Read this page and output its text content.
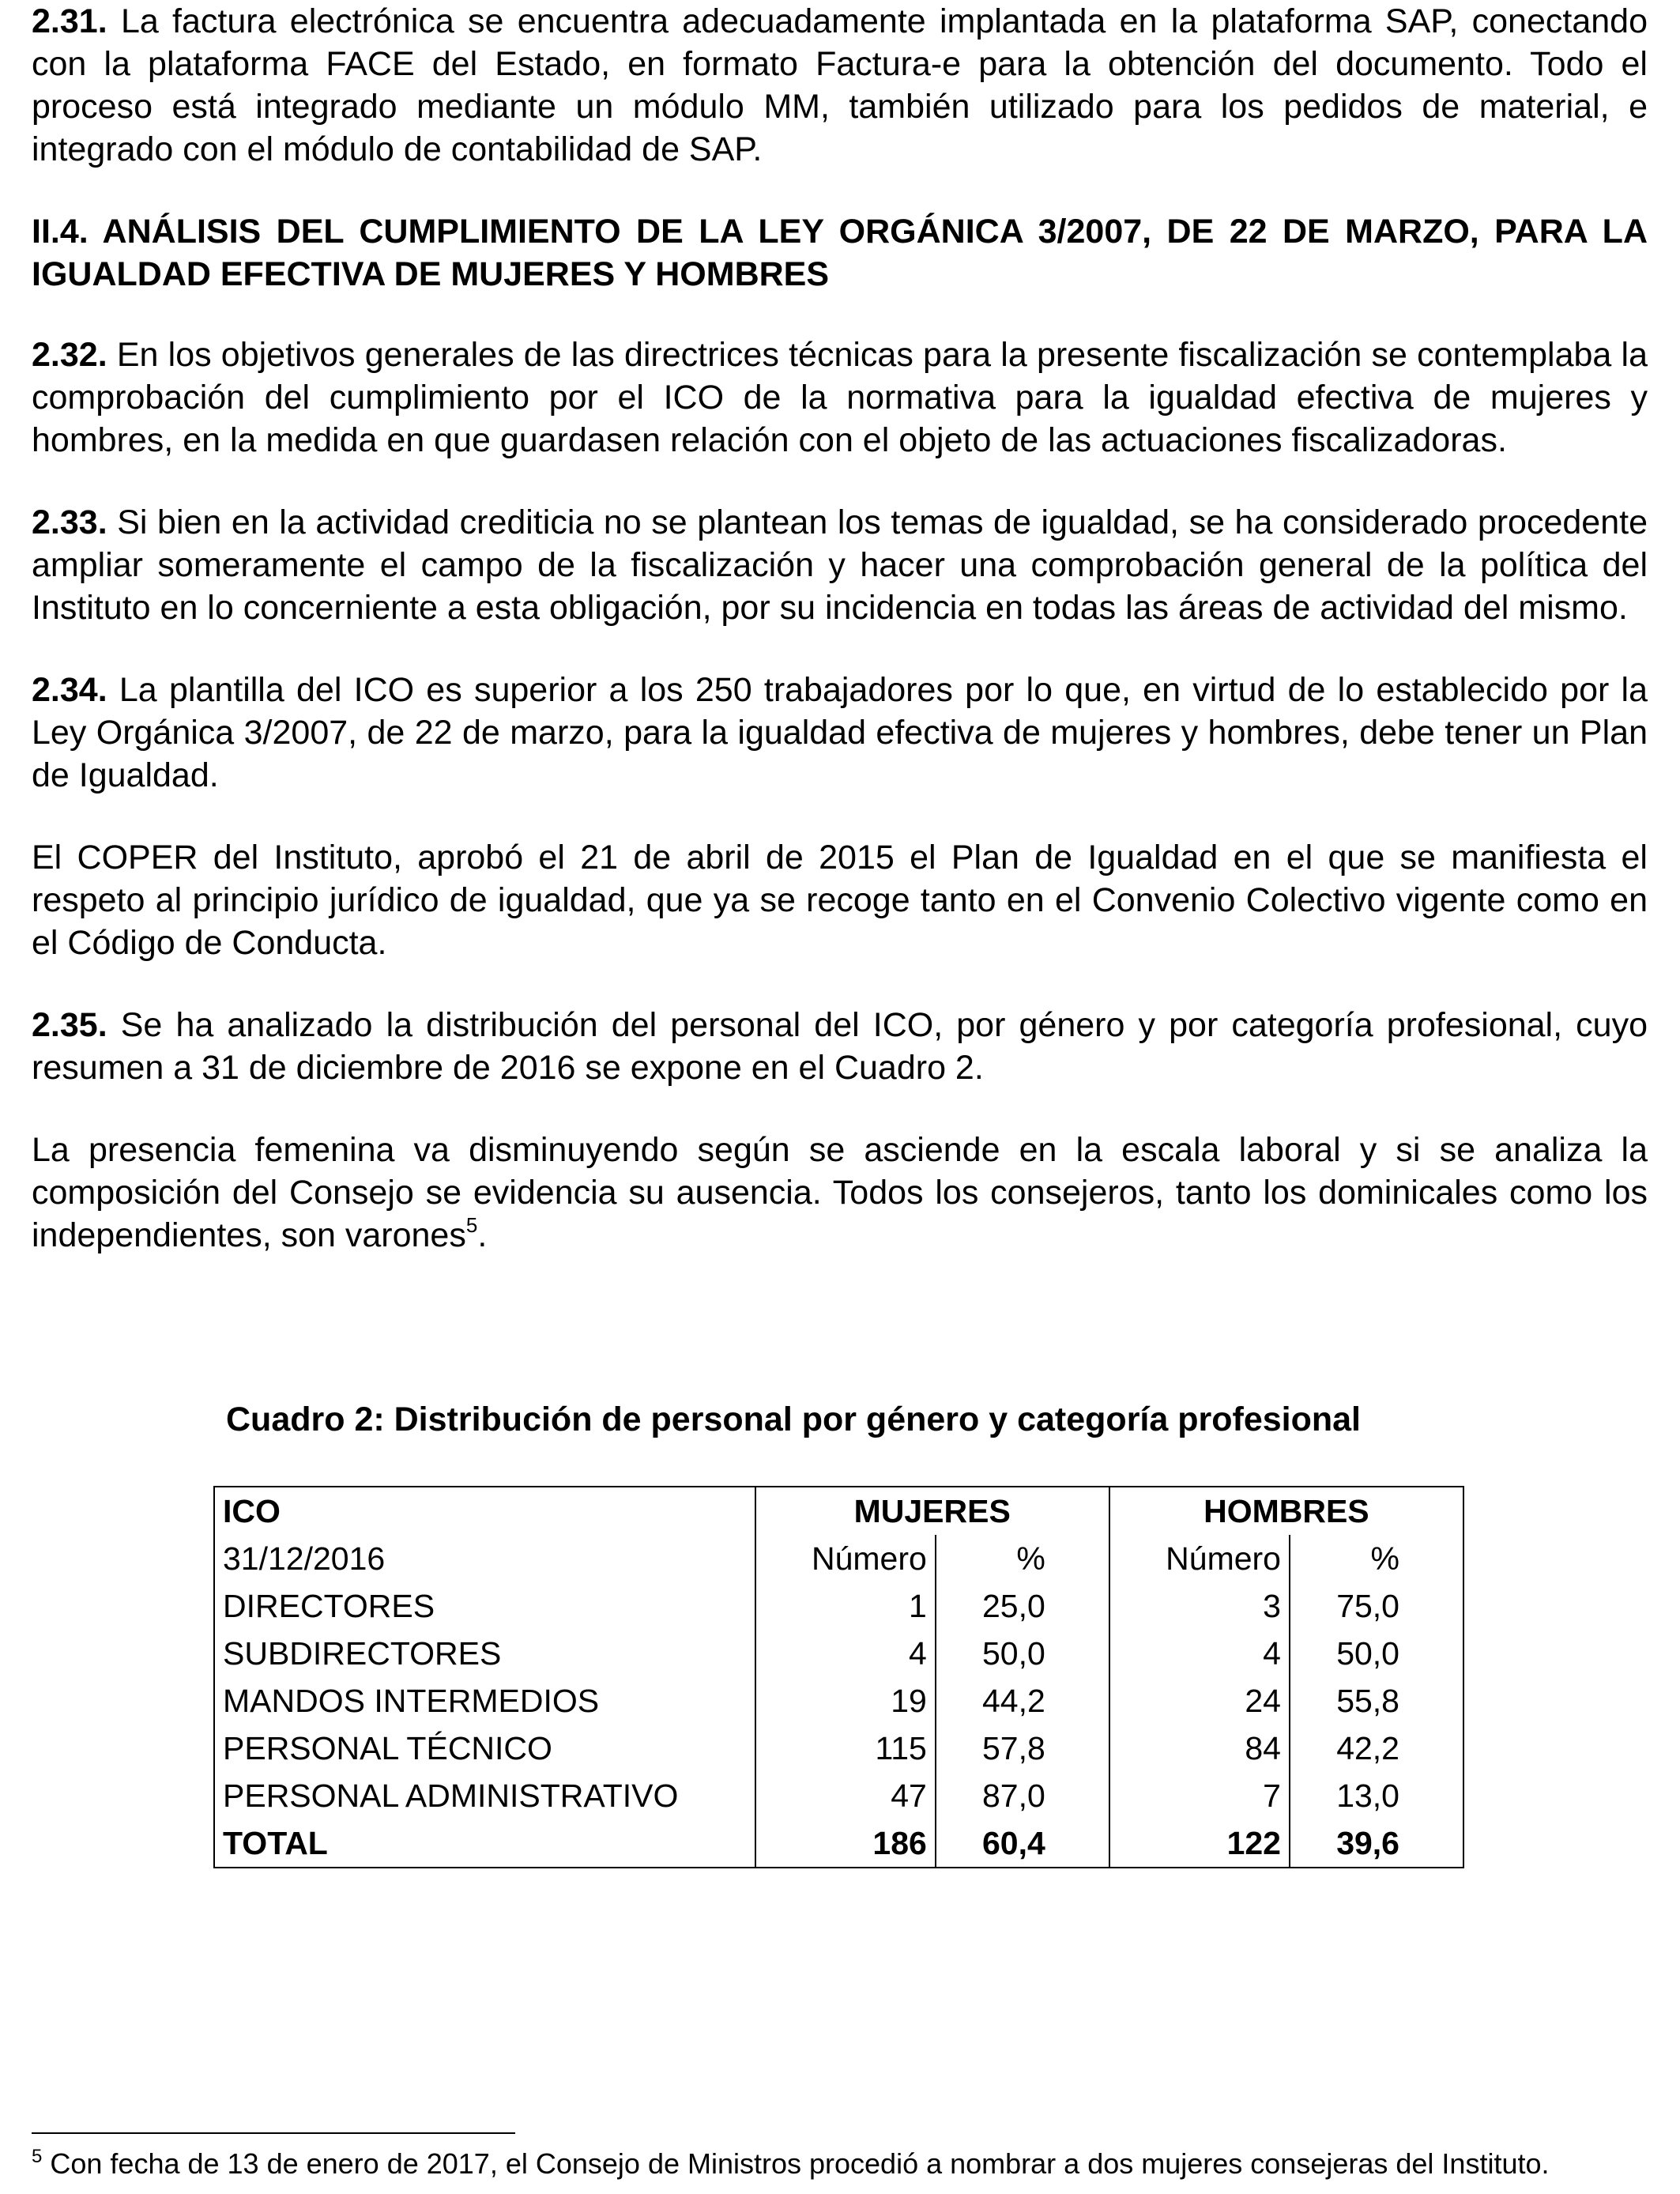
2.31. La factura electrónica se encuentra adecuadamente implantada en la plataforma SAP, conectando con la plataforma FACE del Estado, en formato Factura-e para la obtención del documento. Todo el proceso está integrado mediante un módulo MM, también utilizado para los pedidos de material, e integrado con el módulo de contabilidad de SAP.

II.4. ANÁLISIS DEL CUMPLIMIENTO DE LA LEY ORGÁNICA 3/2007, DE 22 DE MARZO, PARA LA IGUALDAD EFECTIVA DE MUJERES Y HOMBRES

2.32. En los objetivos generales de las directrices técnicas para la presente fiscalización se contemplaba la comprobación del cumplimiento por el ICO de la normativa para la igualdad efectiva de mujeres y hombres, en la medida en que guardasen relación con el objeto de las actuaciones fiscalizadoras.

2.33. Si bien en la actividad crediticia no se plantean los temas de igualdad, se ha considerado procedente ampliar someramente el campo de la fiscalización y hacer una comprobación general de la política del Instituto en lo concerniente a esta obligación, por su incidencia en todas las áreas de actividad del mismo.

2.34. La plantilla del ICO es superior a los 250 trabajadores por lo que, en virtud de lo establecido por la Ley Orgánica 3/2007, de 22 de marzo, para la igualdad efectiva de mujeres y hombres, debe tener un Plan de Igualdad.

El COPER del Instituto, aprobó el 21 de abril de 2015 el Plan de Igualdad en el que se manifiesta el respeto al principio jurídico de igualdad, que ya se recoge tanto en el Convenio Colectivo vigente como en el Código de Conducta.

2.35. Se ha analizado la distribución del personal del ICO, por género y por categoría profesional, cuyo resumen a 31 de diciembre de 2016 se expone en el Cuadro 2.

La presencia femenina va disminuyendo según se asciende en la escala laboral y si se analiza la composición del Consejo se evidencia su ausencia. Todos los consejeros, tanto los dominicales como los independientes, son varones$^5$.

Cuadro 2: Distribución de personal por género y categoría profesional
ICO	MUJERES		HOMBRES	
31/12/2016	Número	%	Número	%
DIRECTORES	1	25,0	3	75,0
SUBDIRECTORES	4	50,0	4	50,0
MANDOS INTERMEDIOS	19	44,2	24	55,8
PERSONAL TÉCNICO	115	57,8	84	42,2
PERSONAL ADMINISTRATIVO	47	87,0	7	13,0
TOTAL	186	60,4	122	39,6
$^5$ Con fecha de 13 de enero de 2017, el Consejo de Ministros procedió a nombrar a dos mujeres consejeras del Instituto.
